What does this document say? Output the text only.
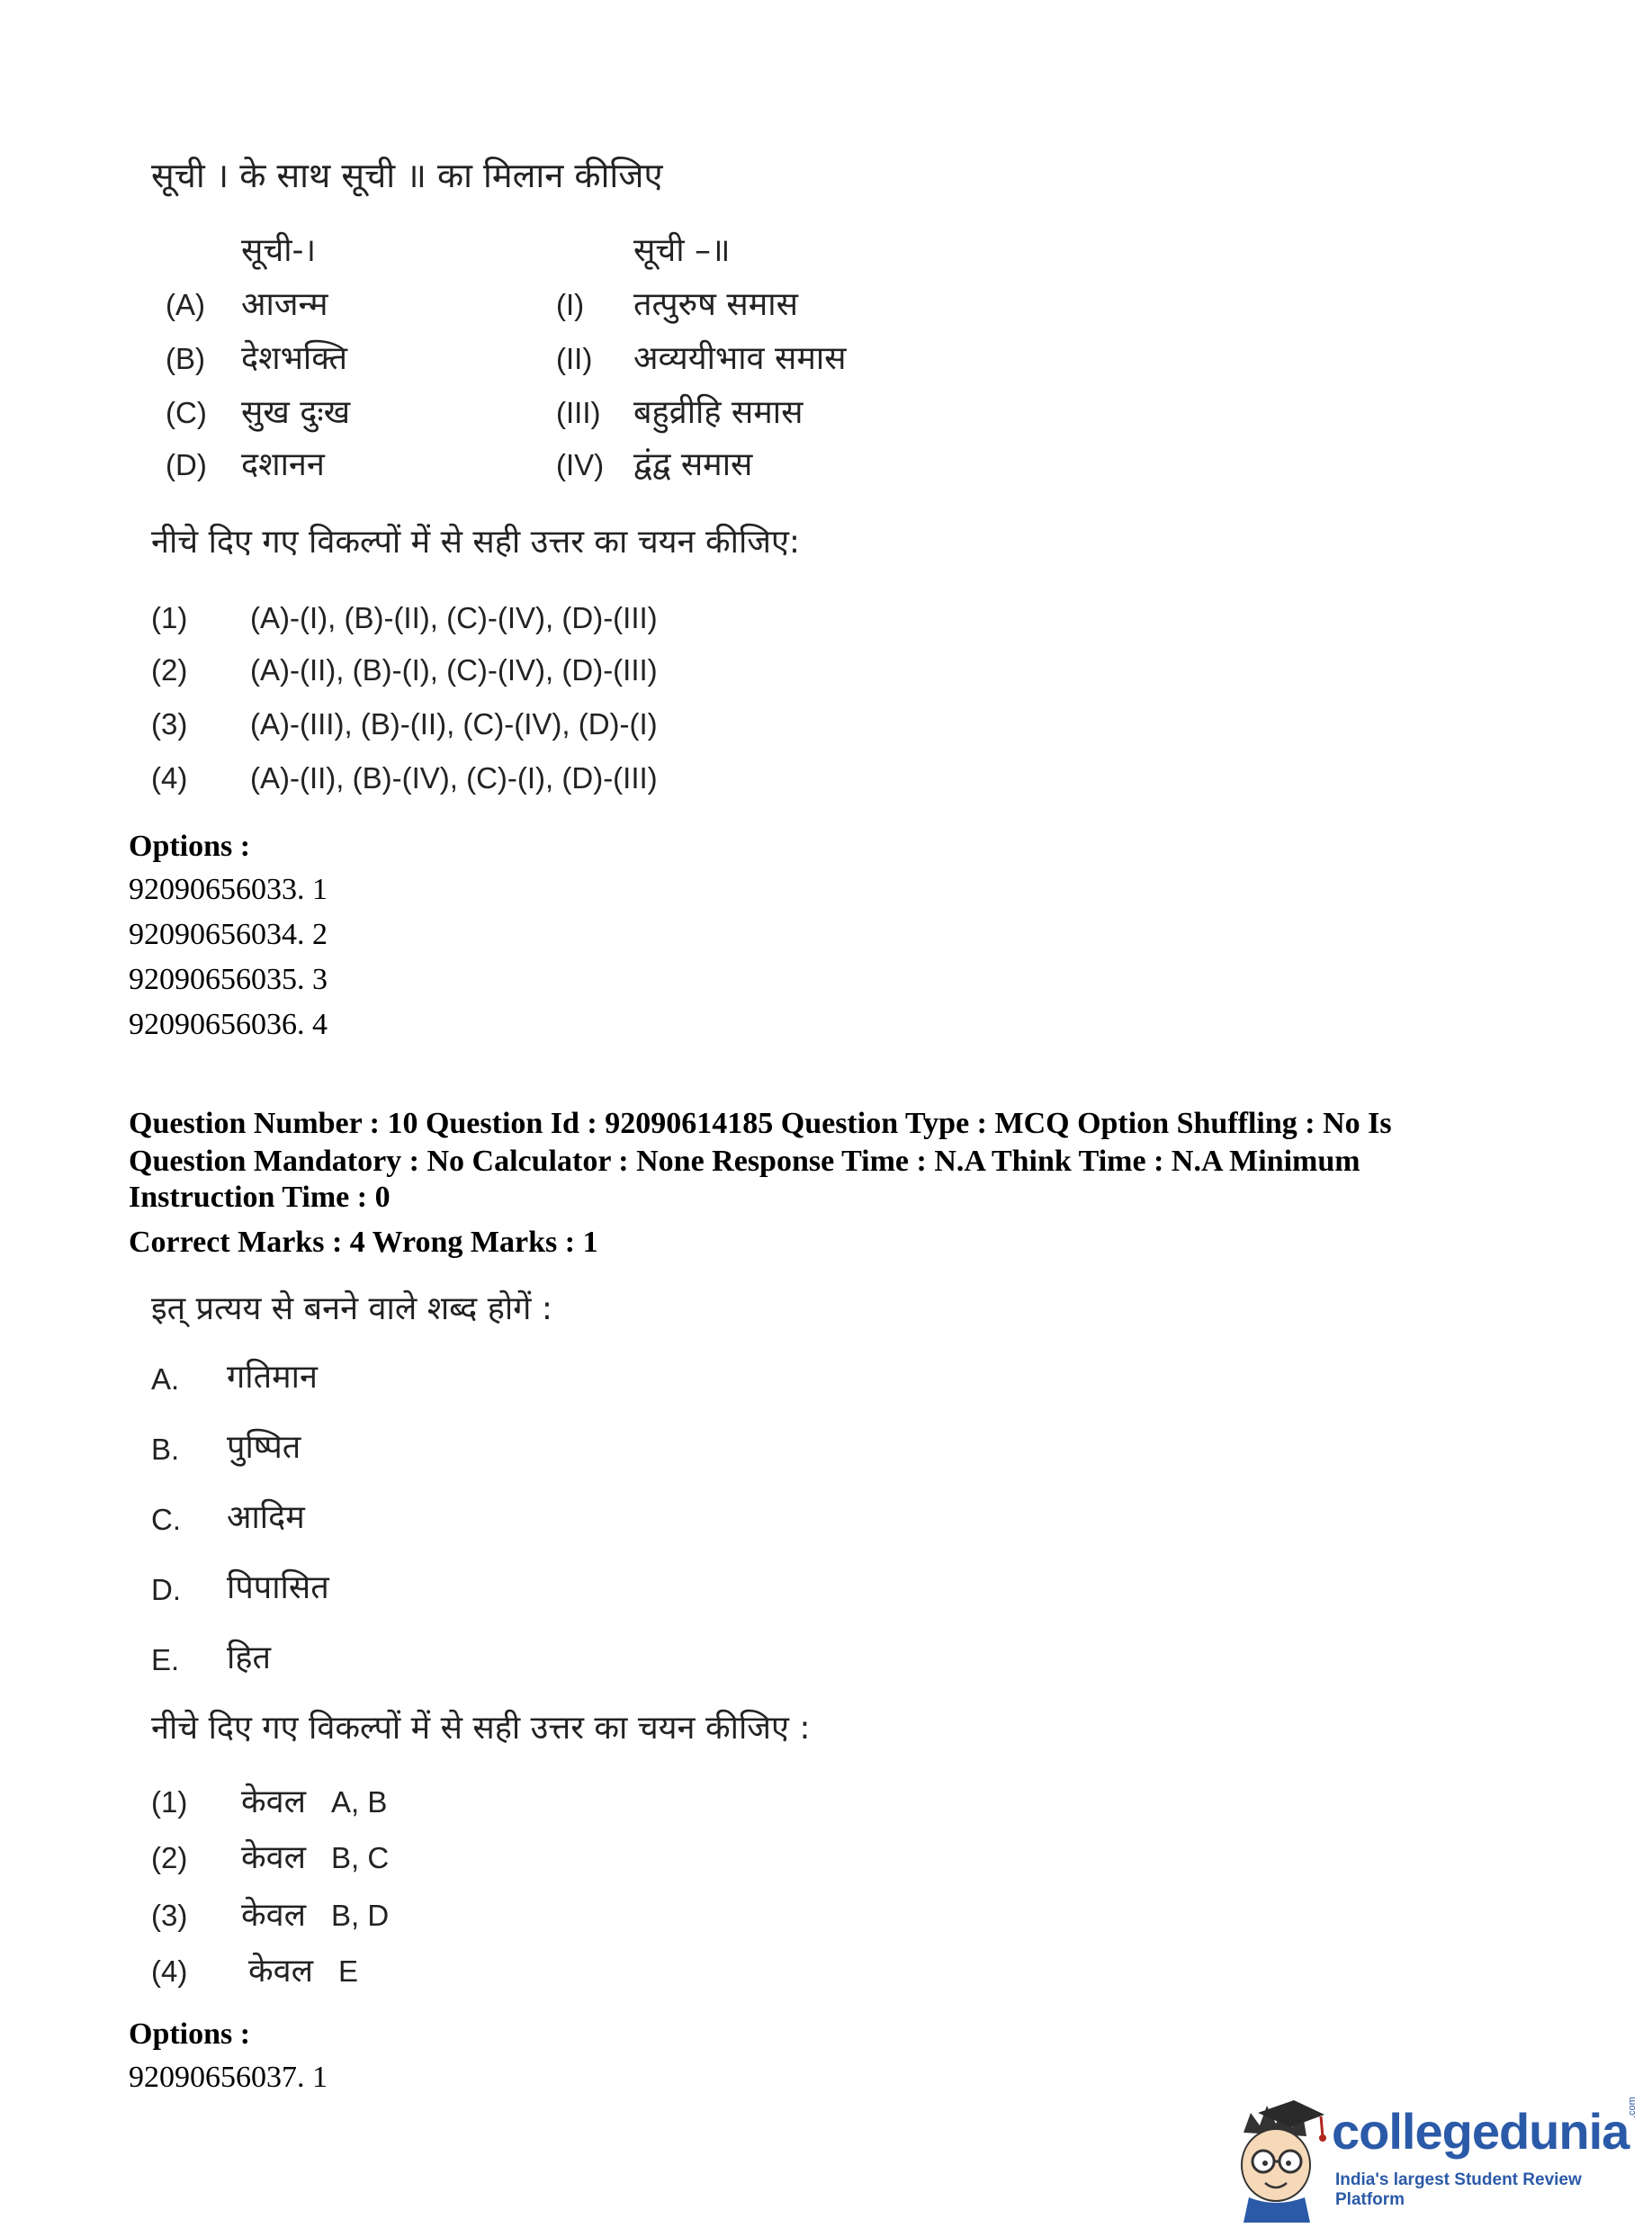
सूची । के साथ सूची ॥ का मिलान कीजिए
सूची-।	सूची –॥
(A) आजन्म
(B) देशभक्ति
(C) सुख दुःख
(D) दशानन
(I) तत्पुरुष समास
(II) अव्ययीभाव समास
(III) बहुव्रीहि समास
(IV) द्वंद्व समास
नीचे दिए गए विकल्पों में से सही उत्तर का चयन कीजिए:
(1) (A)-(I), (B)-(II), (C)-(IV), (D)-(III)
(2) (A)-(II), (B)-(I), (C)-(IV), (D)-(III)
(3) (A)-(III), (B)-(II), (C)-(IV), (D)-(I)
(4) (A)-(II), (B)-(IV), (C)-(I), (D)-(III)
Options :
92090656033. 1
92090656034. 2
92090656035. 3
92090656036. 4
Question Number : 10 Question Id : 92090614185 Question Type : MCQ Option Shuffling : No Is
Question Mandatory : No Calculator : None Response Time : N.A Think Time : N.A Minimum
Instruction Time : 0
Correct Marks : 4 Wrong Marks : 1
इत् प्रत्यय से बनने वाले शब्द होगें :
A. गतिमान
B. पुष्पित
C. आदिम
D. पिपासित
E. हित
नीचे दिए गए विकल्पों में से सही उत्तर का चयन कीजिए :
(1) केवल A, B
(2) केवल B, C
(3) केवल B, D
(4) केवल E
Options :
92090656037. 1
collegedunia
.com
India's largest Student Review Platform
